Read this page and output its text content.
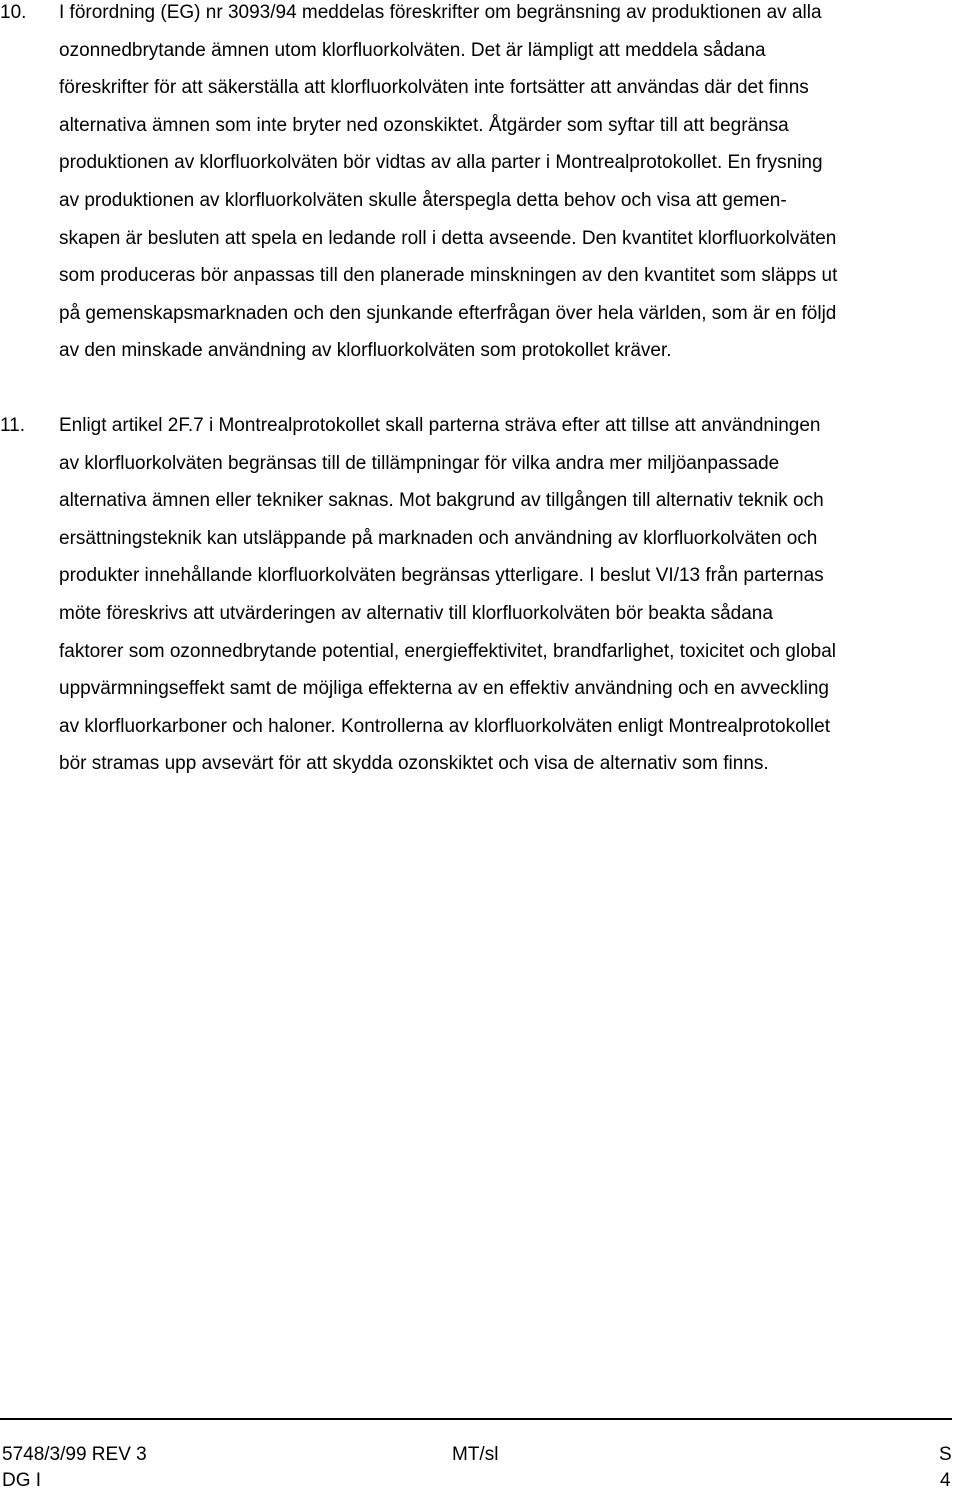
10. I förordning (EG) nr 3093/94 meddelas föreskrifter om begränsning av produktionen av alla
ozonnedbrytande ämnen utom klorfluorkolväten. Det är lämpligt att meddela sådana
föreskrifter för att säkerställa att klorfluorkolväten inte fortsätter att användas där det finns
alternativa ämnen som inte bryter ned ozonskiktet. Åtgärder som syftar till att begränsa
produktionen av klorfluorkolväten bör vidtas av alla parter i Montrealprotokollet. En frysning
av produktionen av klorfluorkolväten skulle återspegla detta behov och visa att gemen-
skapen är besluten att spela en ledande roll i detta avseende. Den kvantitet klorfluorkolväten
som produceras bör anpassas till den planerade minskningen av den kvantitet som släpps ut
på gemenskapsmarknaden och den sjunkande efterfrågan över hela världen, som är en följd
av den minskade användning av klorfluorkolväten som protokollet kräver.
11. Enligt artikel 2F.7 i Montrealprotokollet skall parterna sträva efter att tillse att användningen
av klorfluorkolväten begränsas till de tillämpningar för vilka andra mer miljöanpassade
alternativa ämnen eller tekniker saknas. Mot bakgrund av tillgången till alternativ teknik och
ersättningsteknik kan utsläppande på marknaden och användning av klorfluorkolväten och
produkter innehållande klorfluorkolväten begränsas ytterligare. I beslut VI/13 från parternas
möte föreskrivs att utvärderingen av alternativ till klorfluorkolväten bör beakta sådana
faktorer som ozonnedbrytande potential, energieffektivitet, brandfarlighet, toxicitet och global
uppvärmningseffekt samt de möjliga effekterna av en effektiv användning och en avveckling
av klorfluorkarboner och haloner. Kontrollerna av klorfluorkolväten enligt Montrealprotokollet
bör stramas upp avsevärt för att skydda ozonskiktet och visa de alternativ som finns.
5748/3/99 REV 3	MT/sl	S
DG I	4
